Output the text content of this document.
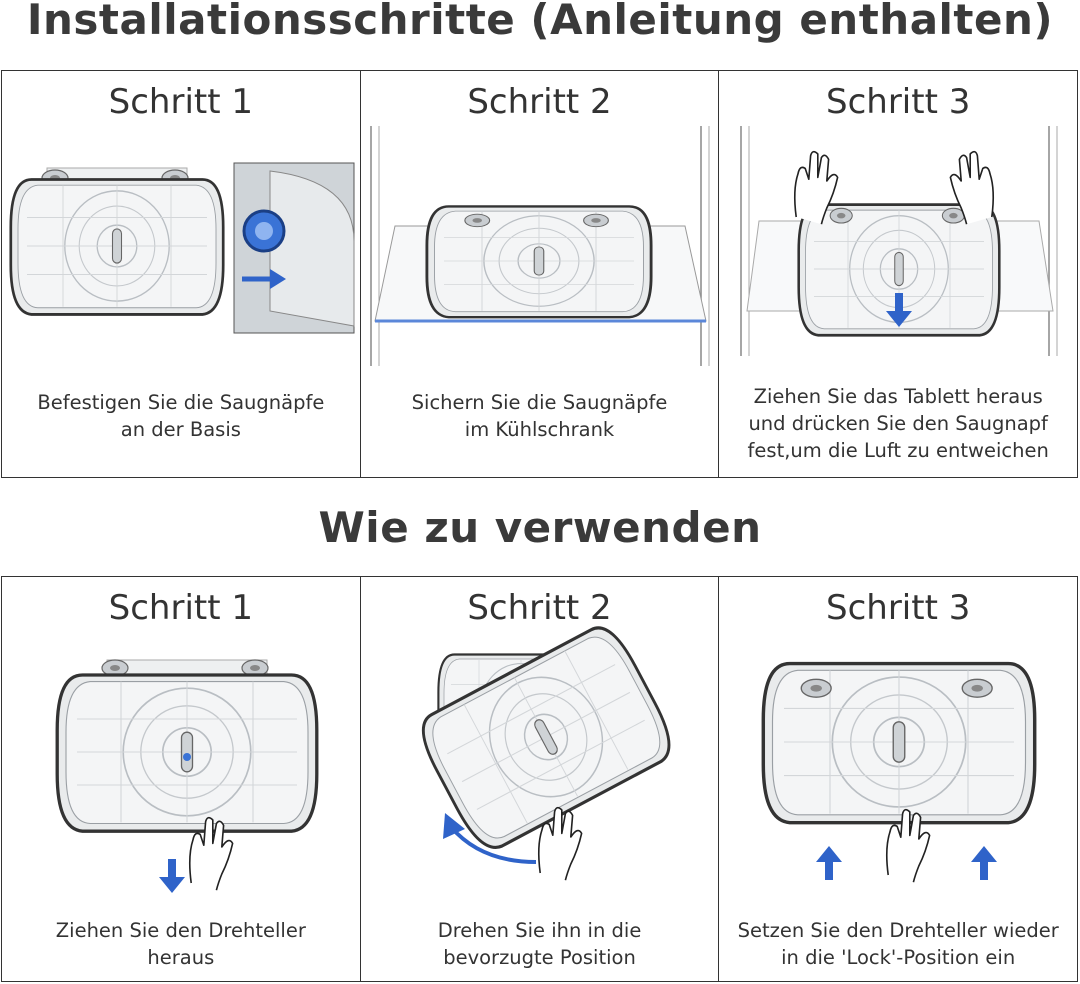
Installationsschritte (Anleitung enthalten)
Schritt 1
Befestigen Sie die Saugnäpfe
an der Basis
Schritt 2
Sichern Sie die Saugnäpfe
im Kühlschrank
Schritt 3
Ziehen Sie das Tablett heraus
und drücken Sie den Saugnapf
fest,um die Luft zu entweichen
Wie zu verwenden
Schritt 1
Ziehen Sie den Drehteller
heraus
Schritt 2
Drehen Sie ihn in die
bevorzugte Position
Schritt 3
Setzen Sie den Drehteller wieder
in die 'Lock'-Position ein
